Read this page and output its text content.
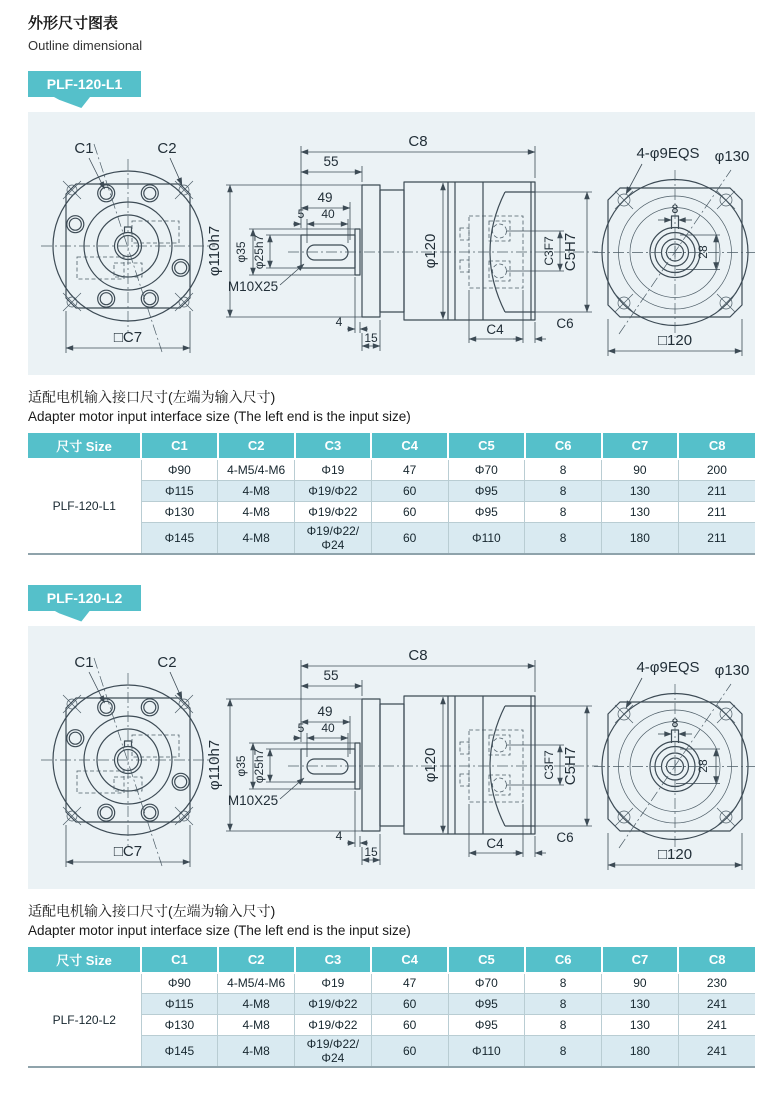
外形尺寸图表
Outline dimensional
PLF-120-L1
C1	C2
□C7
C8
55
49
5 40
φ110h7 φ35 φ25h7
M10X25
φ120	C3F7 C5H7
4
15
C4	C6
4-φ9EQS φ130
8
28
□120
适配电机输入接口尺寸(左端为输入尺寸)
Adapter motor input interface size (The left end is the input size)
尺寸 Size	C1	C2	C3	C4	C5	C6	C7	C8
PLF-120-L1	Φ90	4-M5/4-M6	Φ19	47	Φ70	8	90	200
	Φ115	4-M8	Φ19/Φ22	60	Φ95	8	130	211
	Φ130	4-M8	Φ19/Φ22	60	Φ95	8	130	211
	Φ145	4-M8	Φ19/Φ22/Φ24	60	Φ110	8	180	211
PLF-120-L2
C1	C2
□C7
C8
55
49
5 40
φ110h7 φ35 φ25h7
M10X25
φ120	C3F7 C5H7
4
15
C4	C6
4-φ9EQS φ130
8
28
□120
适配电机输入接口尺寸(左端为输入尺寸)
Adapter motor input interface size (The left end is the input size)
尺寸 Size	C1	C2	C3	C4	C5	C6	C7	C8
PLF-120-L2	Φ90	4-M5/4-M6	Φ19	47	Φ70	8	90	230
	Φ115	4-M8	Φ19/Φ22	60	Φ95	8	130	241
	Φ130	4-M8	Φ19/Φ22	60	Φ95	8	130	241
	Φ145	4-M8	Φ19/Φ22/Φ24	60	Φ110	8	180	241
